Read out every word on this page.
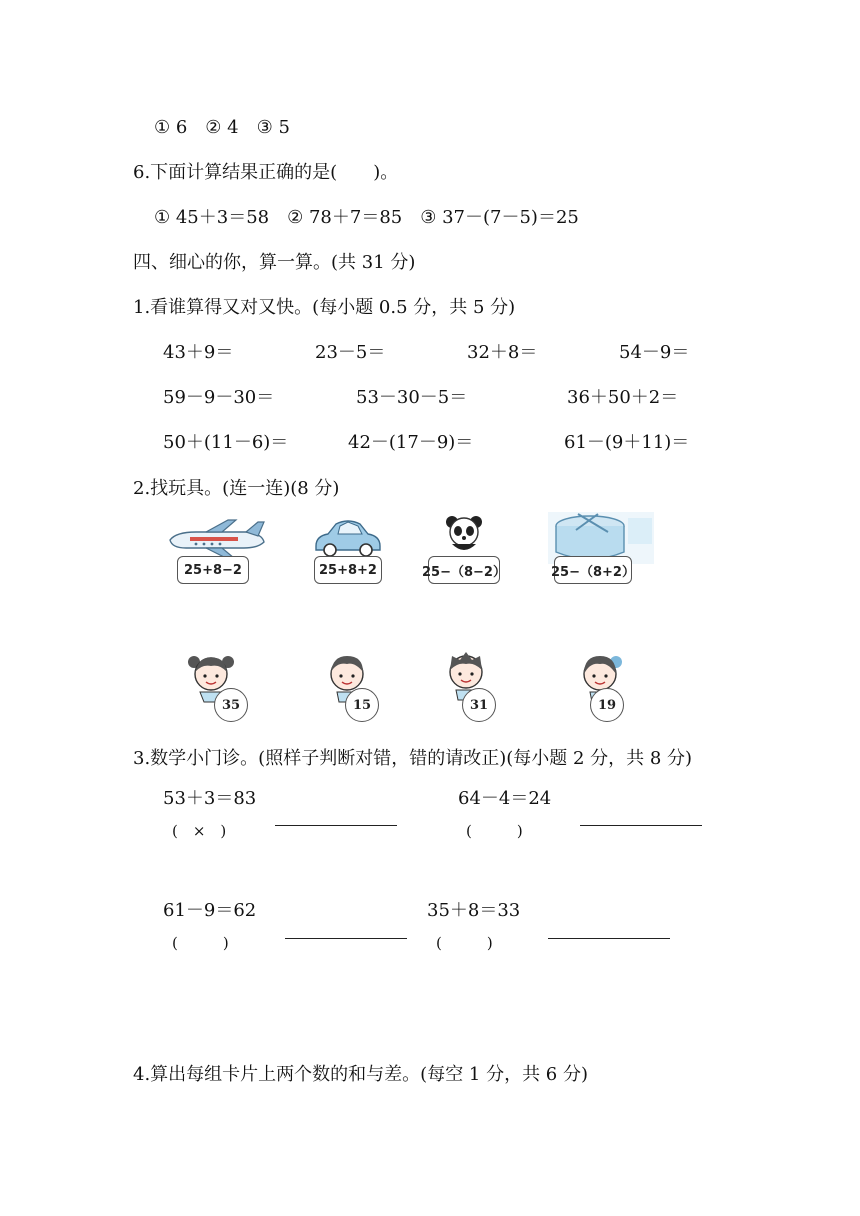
① 6　② 4　③ 5
6.下面计算结果正确的是(　　)。
① 45＋3＝58　② 78＋7＝85　③ 37－(7－5)＝25
四、细心的你，算一算。(共 31 分)
1.看谁算得又对又快。(每小题 0.5 分，共 5 分)
43＋9＝	23－5＝	32＋8＝	54－9＝
59－9－30＝	53－30－5＝	36＋50＋2＝
50＋(11－6)＝	42－(17－9)＝	61－(9＋11)＝
2.找玩具。(连一连)(8 分)
25+8−2	25+8+2	25−（8−2）	25−（8+2）
35	15	31	19
3.数学小门诊。(照样子判断对错，错的请改正)(每小题 2 分，共 8 分)
53＋3＝83
(　×　)
64－4＝24
(　　　)
61－9＝62
(　　　)
35＋8＝33
(　　　)
4.算出每组卡片上两个数的和与差。(每空 1 分，共 6 分)
